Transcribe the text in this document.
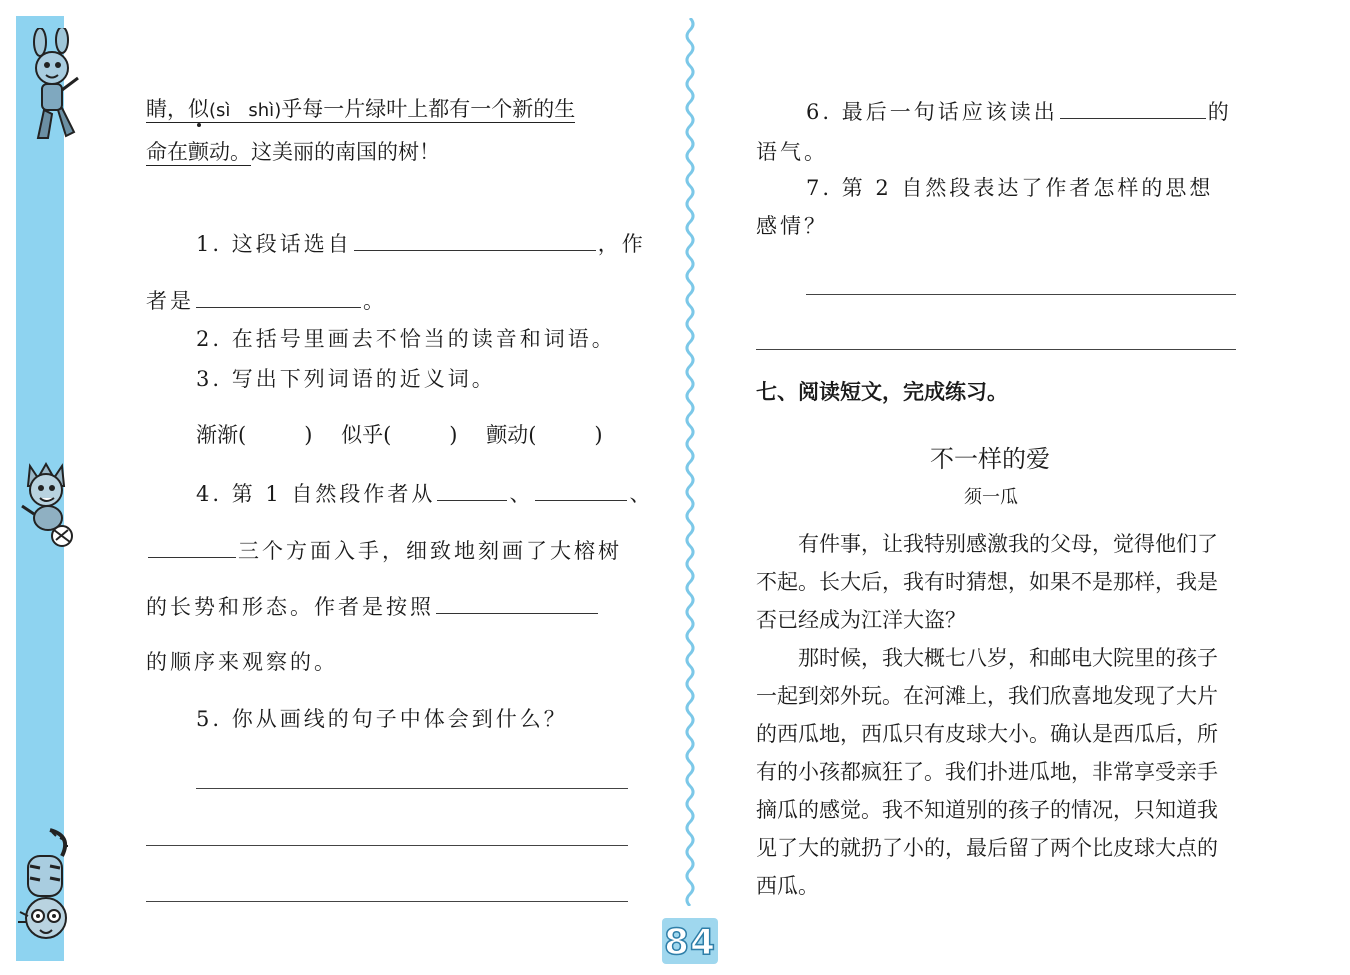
84
睛，似(sì　shì)乎每一片绿叶上都有一个新的生
命在颤动。这美丽的南国的树！
1. 这段话选自	，作
者是	。
2. 在括号里画去不恰当的读音和词语。
3. 写出下列词语的近义词。
渐渐(	) 似乎(	) 颤动(	)
4. 第 1 自然段作者从	、	、
三个方面入手，细致地刻画了大榕树
的长势和形态。作者是按照
的顺序来观察的。
5. 你从画线的句子中体会到什么？
6. 最后一句话应该读出	的
语气。
7. 第 2 自然段表达了作者怎样的思想
感情？
七、阅读短文，完成练习。
不一样的爱
须一瓜
有件事，让我特别感激我的父母，觉得他们了不起。长大后，我有时猜想，如果不是那样，我是否已经成为江洋大盗？
那时候，我大概七八岁，和邮电大院里的孩子一起到郊外玩。在河滩上，我们欣喜地发现了大片的西瓜地，西瓜只有皮球大小。确认是西瓜后，所有的小孩都疯狂了。我们扑进瓜地，非常享受亲手摘瓜的感觉。我不知道别的孩子的情况，只知道我见了大的就扔了小的，最后留了两个比皮球大点的西瓜。
